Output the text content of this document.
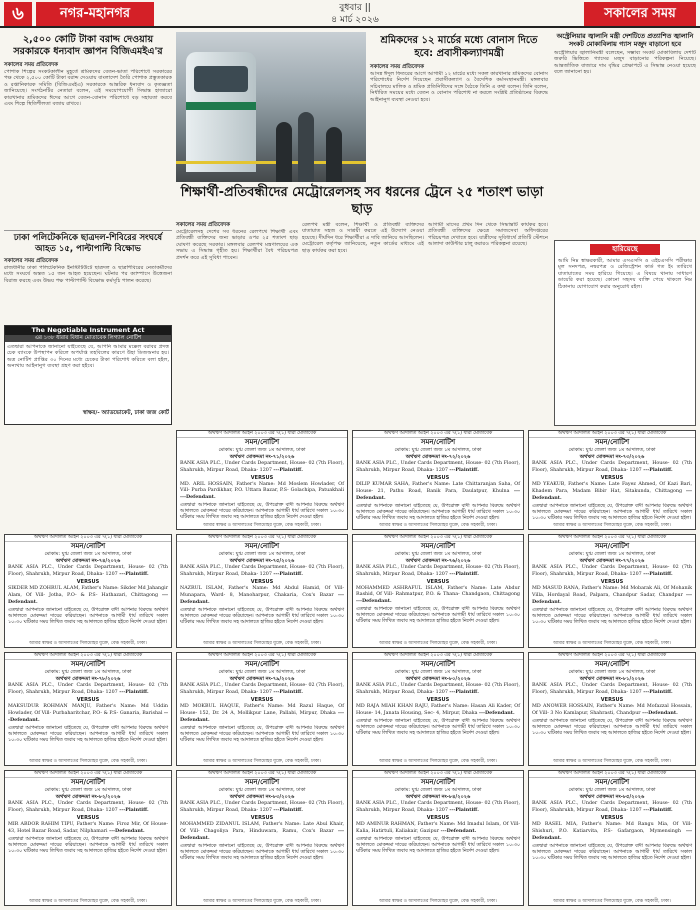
৬	নগর-মহানগর	বুধবার ||
৪ মার্চ ২০২৬	সকালের সময়
২,৫০০ কোটি টাকা বরাদ্দ দেওয়ায় সরকারকে ধন্যবাদ জ্ঞাপন বিজিএমইএ'র
সকালের সময় প্রতিবেদক
পোশাক শিল্পের সংকটকালীন মুহূর্তে শ্রমিকদের বেতন-ভাতা পরিশোধে সরকারের পক্ষ থেকে ২,৫০০ কোটি টাকা বরাদ্দ দেওয়ায় বাংলাদেশ তৈরি পোশাক প্রস্তুতকারক ও রপ্তানিকারক সমিতি (বিজিএমইএ) সরকারকে আন্তরিক ধন্যবাদ ও কৃতজ্ঞতা জানিয়েছে। সংগঠনটির নেতারা বলেন, এই সময়োপযোগী সিদ্ধান্ত হাজারো কারখানার শ্রমিকদের ঈদের আগে বেতন-বোনাস পরিশোধে বড় সহায়তা করবে এবং শিল্পে স্থিতিশীলতা বজায় রাখবে।
ঢাকা পলিটেকনিকে ছাত্রদল-শিবিরের সংঘর্ষে আহত ১৫, পাল্টাপাল্টি বিক্ষোভ
সকালের সময় প্রতিবেদক
রাজধানীর ঢাকা পলিটেকনিক ইনস্টিটিউটে ছাত্রদল ও ছাত্রশিবিরের নেতাকর্মীদের মধ্যে সংঘর্ষে অন্তত ১৫ জন আহত হয়েছেন। ঘটনার পর ক্যাম্পাসে উত্তেজনা বিরাজ করছে এবং উভয় পক্ষ পাল্টাপাল্টি বিক্ষোভ কর্মসূচি পালন করেছে।
The Negotiable Instrument Act
এর ১৩৮ ধারার বিধান মোতাবেক লিগ্যাল নোটিশ
এতদ্বারা আপনাকে জানানো যাইতেছে যে, আপনি আমার মক্কেল বরাবর প্রদত্ত চেক ব্যাংকে উপস্থাপন করিলে অপর্যাপ্ত তহবিলের কারণে উহা ডিজঅনার হয়। অত্র নোটিশ প্রাপ্তির ৩০ দিনের মধ্যে চেকের টাকা পরিশোধ করিতে বলা হইল, অন্যথায় আইনানুগ ব্যবস্থা গ্রহণ করা হইবে।
স্বাক্ষর/- অ্যাডভোকেট, ঢাকা জজ কোর্ট
শ্রমিকদের ১২ মার্চের মধ্যে বোনাস দিতে হবে: প্রবাসীকল্যাণমন্ত্রী
সকালের সময় প্রতিবেদক
আসন্ন ঈদুল ফিতরের আগে আগামী ১২ মার্চের মধ্যে সকল কারখানার শ্রমিকদের বোনাস পরিশোধের নির্দেশ দিয়েছেন প্রবাসীকল্যাণ ও বৈদেশিক কর্মসংস্থানমন্ত্রী। মঙ্গলবার সচিবালয়ে মালিক ও শ্রমিক প্রতিনিধিদের সঙ্গে বৈঠকে তিনি এ কথা বলেন। তিনি বলেন, নির্ধারিত সময়ের মধ্যে বেতন ও বোনাস পরিশোধ না করলে সংশ্লিষ্ট প্রতিষ্ঠানের বিরুদ্ধে আইনানুগ ব্যবস্থা নেওয়া হবে।
শিক্ষার্থী-প্রতিবন্ধীদের মেট্রোরেলসহ সব ধরনের ট্রেনে ২৫ শতাংশ ভাড়া ছাড়
সকালের সময় প্রতিবেদক
মেট্রোরেলসহ দেশের সব ধরনের রেলপথে শিক্ষার্থী এবং প্রতিবন্ধী ব্যক্তিদের জন্য ভাড়ার ওপর ২৫ শতাংশ ছাড় ঘোষণা করেছে সরকার। মঙ্গলবার রেলপথ মন্ত্রণালয়ের এক সভায় এ সিদ্ধান্ত গৃহীত হয়। শিক্ষার্থীরা বৈধ পরিচয়পত্র প্রদর্শন করে এই সুবিধা পাবেন।
রেলপথ মন্ত্রী বলেন, শিক্ষার্থী ও প্রতিবন্ধী ব্যক্তিদের যাতায়াত সহজ ও সাশ্রয়ী করতে এই উদ্যোগ নেওয়া হয়েছে। দীর্ঘদিন ধরে শিক্ষার্থীরা এ দাবি জানিয়ে আসছিলেন। মেট্রোরেল কর্তৃপক্ষ জানিয়েছে, নতুন কার্ডের মাধ্যমে এই ছাড় কার্যকর করা হবে।
আগামী মাসের প্রথম দিন থেকে সিদ্ধান্তটি কার্যকর হবে। প্রতিবন্ধী ব্যক্তিদের ক্ষেত্রে সমাজসেবা অধিদপ্তরের পরিচয়পত্র দেখাতে হবে। যাত্রীদের সুবিধার্থে প্রতিটি স্টেশনে আলাদা কাউন্টার চালু করারও পরিকল্পনা রয়েছে।
অস্ট্রেলিয়ার জ্বালানি মন্ত্রী দেশটিতে প্রত্যাশিত জ্বালানি সংকট মোকাবিলায় গ্যাস মজুদ বাড়ানো হবে
অস্ট্রেলিয়ার জ্বালানিমন্ত্রী বলেছেন, সম্ভাব্য সংকট মোকাবিলায় দেশটি জরুরি ভিত্তিতে গ্যাসের মজুদ বাড়ানোর পরিকল্পনা নিয়েছে। আন্তর্জাতিক বাজারে দাম বৃদ্ধির প্রেক্ষাপটে এ সিদ্ধান্ত নেওয়া হয়েছে বলে জানানো হয়।
হারিয়েছে
আমি নিম্ন স্বাক্ষরকারী, আমার এসএসসি ও এইচএসসি পরীক্ষার মূল সনদপত্র, নম্বরপত্র ও রেজিস্ট্রেশন কার্ড গত ইং তারিখে যাতায়াতের সময় হারিয়ে গিয়েছে। এ বিষয়ে থানায় সাধারণ ডায়েরি করা হয়েছে। কোনো সহৃদয় ব্যক্তি পেয়ে থাকলে নিম্ন ঠিকানায় যোগাযোগ করার অনুরোধ রইল।
অর্থঋণ আদালত আইন ২০০৩ এর ৭(১) ধারা মোতাবেক
সমন/নোটিশ
মোকাম: যুগ্ম জেলা জজ ১ম আদালত, ঢাকা
অর্থঋণ মোকদ্দমা নং-৭১/২০২৬
BANK ASIA PLC., Under Cards Department, House- 02 (7th Floor), Shahrukh, Mirpur Road, Dhaka- 1207 ---Plaintiff.
VERSUS
MD. ARIL HOSSAIN, Father's Name: Md Moslem Howlader, Of Vill- Purba Pardikhar, P.O. Uttara Bazar, P.S- Golachipa, Patuakhali ---Defendant.
এতদ্বারা আপনাকে জানানো যাইতেছে যে, উপরোক্ত বাদী আপনার বিরুদ্ধে অর্থঋণ আদালতে মোকদ্দমা দায়ের করিয়াছেন। আপনাকে আগামী ধার্য তারিখে সকাল ১০:৩০ ঘটিকার সময় লিখিত জবাব সহ আদালতে হাজির হইতে নির্দেশ দেওয়া হইল।
আমার স্বাক্ষর ও আদালতের সিলমোহর যুক্তে, বেঞ্চ সহকারী, ঢাকা।
অর্থঋণ আদালত আইন ২০০৩ এর ৭(১) ধারা মোতাবেক
সমন/নোটিশ
মোকাম: যুগ্ম জেলা জজ ১ম আদালত, ঢাকা
অর্থঋণ মোকদ্দমা নং-৭২/২০২৬
BANK ASIA PLC., Under Cards Department, House- 02 (7th Floor), Shahrukh, Mirpur Road, Dhaka- 1207 ---Plaintiff.
VERSUS
DILIP KUMAR SAHA, Father's Name: Late Chittaranjan Saha, Of House- 21, Pathu Road, Banik Para, Daulatpur, Khulna ---Defendant.
এতদ্বারা আপনাকে জানানো যাইতেছে যে, উপরোক্ত বাদী আপনার বিরুদ্ধে অর্থঋণ আদালতে মোকদ্দমা দায়ের করিয়াছেন। আপনাকে আগামী ধার্য তারিখে সকাল ১০:৩০ ঘটিকার সময় লিখিত জবাব সহ আদালতে হাজির হইতে নির্দেশ দেওয়া হইল।
আমার স্বাক্ষর ও আদালতের সিলমোহর যুক্তে, বেঞ্চ সহকারী, ঢাকা।
অর্থঋণ আদালত আইন ২০০৩ এর ৭(১) ধারা মোতাবেক
সমন/নোটিশ
মোকাম: যুগ্ম জেলা জজ ১ম আদালত, ঢাকা
অর্থঋণ মোকদ্দমা নং-৭৩/২০২৬
BANK ASIA PLC., Under Cards Department, House- 02 (7th Floor), Shahrukh, Mirpur Road, Dhaka- 1207 ---Plaintiff.
VERSUS
MD YEAKUB, Father's Name: Late Fayez Ahmed, Of Kazi Bari, Khadem Para, Madam Bibir Hat, Sitakunda, Chittagong ---Defendant.
এতদ্বারা আপনাকে জানানো যাইতেছে যে, উপরোক্ত বাদী আপনার বিরুদ্ধে অর্থঋণ আদালতে মোকদ্দমা দায়ের করিয়াছেন। আপনাকে আগামী ধার্য তারিখে সকাল ১০:৩০ ঘটিকার সময় লিখিত জবাব সহ আদালতে হাজির হইতে নির্দেশ দেওয়া হইল।
আমার স্বাক্ষর ও আদালতের সিলমোহর যুক্তে, বেঞ্চ সহকারী, ঢাকা।
অর্থঋণ আদালত আইন ২০০৩ এর ৭(১) ধারা মোতাবেক
সমন/নোটিশ
মোকাম: যুগ্ম জেলা জজ ১ম আদালত, ঢাকা
অর্থঋণ মোকদ্দমা নং-৭৪/২০২৬
BANK ASIA PLC., Under Cards Department, House- 02 (7th Floor), Shahrukh, Mirpur Road, Dhaka- 1207 ---Plaintiff.
VERSUS
SIKDER MD ZOHRUL ALAM, Father's Name: Sikder Md Jahangir Alam, Of Vill- Jotha, P.O- & P.S- Hathazari, Chittagong ---Defendant.
এতদ্বারা আপনাকে জানানো যাইতেছে যে, উপরোক্ত বাদী আপনার বিরুদ্ধে অর্থঋণ আদালতে মোকদ্দমা দায়ের করিয়াছেন। আপনাকে আগামী ধার্য তারিখে সকাল ১০:৩০ ঘটিকার সময় লিখিত জবাব সহ আদালতে হাজির হইতে নির্দেশ দেওয়া হইল।
আমার স্বাক্ষর ও আদালতের সিলমোহর যুক্তে, বেঞ্চ সহকারী, ঢাকা।
অর্থঋণ আদালত আইন ২০০৩ এর ৭(১) ধারা মোতাবেক
সমন/নোটিশ
মোকাম: যুগ্ম জেলা জজ ১ম আদালত, ঢাকা
অর্থঋণ মোকদ্দমা নং-৭৫/২০২৬
BANK ASIA PLC., Under Cards Department, House- 02 (7th Floor), Shahrukh, Mirpur Road, Dhaka- 1207 ---Plaintiff.
VERSUS
NAZRUL ISLAM, Father's Name: Md Abdul Hamid, Of Vill- Munapara, Ward- 8, Manoharpur, Chakaria, Cox's Bazar ---Defendant.
এতদ্বারা আপনাকে জানানো যাইতেছে যে, উপরোক্ত বাদী আপনার বিরুদ্ধে অর্থঋণ আদালতে মোকদ্দমা দায়ের করিয়াছেন। আপনাকে আগামী ধার্য তারিখে সকাল ১০:৩০ ঘটিকার সময় লিখিত জবাব সহ আদালতে হাজির হইতে নির্দেশ দেওয়া হইল।
আমার স্বাক্ষর ও আদালতের সিলমোহর যুক্তে, বেঞ্চ সহকারী, ঢাকা।
অর্থঋণ আদালত আইন ২০০৩ এর ৭(১) ধারা মোতাবেক
সমন/নোটিশ
মোকাম: যুগ্ম জেলা জজ ১ম আদালত, ঢাকা
অর্থঋণ মোকদ্দমা নং-৭৬/২০২৬
BANK ASIA PLC., Under Cards Department, House- 02 (7th Floor), Shahrukh, Mirpur Road, Dhaka- 1207 ---Plaintiff.
VERSUS
MOHAMMED ASHRAFUL ISLAM, Father's Name: Late Abdur Rashid, Of Vill- Rahmatpur, P.O. & Thana- Chandgaon, Chittagong ---Defendant.
এতদ্বারা আপনাকে জানানো যাইতেছে যে, উপরোক্ত বাদী আপনার বিরুদ্ধে অর্থঋণ আদালতে মোকদ্দমা দায়ের করিয়াছেন। আপনাকে আগামী ধার্য তারিখে সকাল ১০:৩০ ঘটিকার সময় লিখিত জবাব সহ আদালতে হাজির হইতে নির্দেশ দেওয়া হইল।
আমার স্বাক্ষর ও আদালতের সিলমোহর যুক্তে, বেঞ্চ সহকারী, ঢাকা।
অর্থঋণ আদালত আইন ২০০৩ এর ৭(১) ধারা মোতাবেক
সমন/নোটিশ
মোকাম: যুগ্ম জেলা জজ ১ম আদালত, ঢাকা
অর্থঋণ মোকদ্দমা নং-৭৭/২০২৬
BANK ASIA PLC., Under Cards Department, House- 02 (7th Floor), Shahrukh, Mirpur Road, Dhaka- 1207 ---Plaintiff.
VERSUS
MD MASUD RANA, Father's Name: Md Mobarak Ali, Of Mohanik Villa, Hordayal Road, Palpara, Chandpur Sadar, Chandpur ---Defendant.
এতদ্বারা আপনাকে জানানো যাইতেছে যে, উপরোক্ত বাদী আপনার বিরুদ্ধে অর্থঋণ আদালতে মোকদ্দমা দায়ের করিয়াছেন। আপনাকে আগামী ধার্য তারিখে সকাল ১০:৩০ ঘটিকার সময় লিখিত জবাব সহ আদালতে হাজির হইতে নির্দেশ দেওয়া হইল।
আমার স্বাক্ষর ও আদালতের সিলমোহর যুক্তে, বেঞ্চ সহকারী, ঢাকা।
অর্থঋণ আদালত আইন ২০০৩ এর ৭(১) ধারা মোতাবেক
সমন/নোটিশ
মোকাম: যুগ্ম জেলা জজ ১ম আদালত, ঢাকা
অর্থঋণ মোকদ্দমা নং-৭৮/২০২৬
BANK ASIA PLC., Under Cards Department, House- 02 (7th Floor), Shahrukh, Mirpur Road, Dhaka- 1207 ---Plaintiff.
VERSUS
MAKSUDUR ROHMAN MANJU, Father's Name: Md Uddin Howlader, Of Vill- Purbaharitchar, P.O- & P.S- Ganaria, Barishal ---Defendant.
এতদ্বারা আপনাকে জানানো যাইতেছে যে, উপরোক্ত বাদী আপনার বিরুদ্ধে অর্থঋণ আদালতে মোকদ্দমা দায়ের করিয়াছেন। আপনাকে আগামী ধার্য তারিখে সকাল ১০:৩০ ঘটিকার সময় লিখিত জবাব সহ আদালতে হাজির হইতে নির্দেশ দেওয়া হইল।
আমার স্বাক্ষর ও আদালতের সিলমোহর যুক্তে, বেঞ্চ সহকারী, ঢাকা।
অর্থঋণ আদালত আইন ২০০৩ এর ৭(১) ধারা মোতাবেক
সমন/নোটিশ
মোকাম: যুগ্ম জেলা জজ ১ম আদালত, ঢাকা
অর্থঋণ মোকদ্দমা নং-৭৯/২০২৬
BANK ASIA PLC., Under Cards Department, House- 02 (7th Floor), Shahrukh, Mirpur Road, Dhaka- 1207 ---Plaintiff.
VERSUS
MD MOKBUL HAQUE, Father's Name: Md Razul Haque, Of House- 152, Dr. 24 A, Mollikpur Lane, Pallabi, Mirpur, Dhaka ---Defendant.
এতদ্বারা আপনাকে জানানো যাইতেছে যে, উপরোক্ত বাদী আপনার বিরুদ্ধে অর্থঋণ আদালতে মোকদ্দমা দায়ের করিয়াছেন। আপনাকে আগামী ধার্য তারিখে সকাল ১০:৩০ ঘটিকার সময় লিখিত জবাব সহ আদালতে হাজির হইতে নির্দেশ দেওয়া হইল।
আমার স্বাক্ষর ও আদালতের সিলমোহর যুক্তে, বেঞ্চ সহকারী, ঢাকা।
অর্থঋণ আদালত আইন ২০০৩ এর ৭(১) ধারা মোতাবেক
সমন/নোটিশ
মোকাম: যুগ্ম জেলা জজ ১ম আদালত, ঢাকা
অর্থঋণ মোকদ্দমা নং-৮০/২০২৬
BANK ASIA PLC., Under Cards Department, House- 02 (7th Floor), Shahrukh, Mirpur Road, Dhaka- 1207 ---Plaintiff.
VERSUS
MD RAJA MIAH KHAN RAJU, Father's Name: Hasan Ali Kader, Of House- 14, Janata Housing, Sec- 4, Mirpur, Dhaka ---Defendant.
এতদ্বারা আপনাকে জানানো যাইতেছে যে, উপরোক্ত বাদী আপনার বিরুদ্ধে অর্থঋণ আদালতে মোকদ্দমা দায়ের করিয়াছেন। আপনাকে আগামী ধার্য তারিখে সকাল ১০:৩০ ঘটিকার সময় লিখিত জবাব সহ আদালতে হাজির হইতে নির্দেশ দেওয়া হইল।
আমার স্বাক্ষর ও আদালতের সিলমোহর যুক্তে, বেঞ্চ সহকারী, ঢাকা।
অর্থঋণ আদালত আইন ২০০৩ এর ৭(১) ধারা মোতাবেক
সমন/নোটিশ
মোকাম: যুগ্ম জেলা জজ ১ম আদালত, ঢাকা
অর্থঋণ মোকদ্দমা নং-৮১/২০২৬
BANK ASIA PLC., Under Cards Department, House- 02 (7th Floor), Shahrukh, Mirpur Road, Dhaka- 1207 ---Plaintiff.
VERSUS
MD ANOWER HOSSAIN, Father's Name: Md Mofazzal Hossain, Of Vill- 3 No Kamlapur, Shahrasti, Chandpur ---Defendant.
এতদ্বারা আপনাকে জানানো যাইতেছে যে, উপরোক্ত বাদী আপনার বিরুদ্ধে অর্থঋণ আদালতে মোকদ্দমা দায়ের করিয়াছেন। আপনাকে আগামী ধার্য তারিখে সকাল ১০:৩০ ঘটিকার সময় লিখিত জবাব সহ আদালতে হাজির হইতে নির্দেশ দেওয়া হইল।
আমার স্বাক্ষর ও আদালতের সিলমোহর যুক্তে, বেঞ্চ সহকারী, ঢাকা।
অর্থঋণ আদালত আইন ২০০৩ এর ৭(১) ধারা মোতাবেক
সমন/নোটিশ
মোকাম: যুগ্ম জেলা জজ ১ম আদালত, ঢাকা
অর্থঋণ মোকদ্দমা নং-৮২/২০২৬
BANK ASIA PLC., Under Cards Department, House- 02 (7th Floor), Shahrukh, Mirpur Road, Dhaka- 1207 ---Plaintiff.
VERSUS
MIR ABDOR RAHIM TIPU, Father's Name: Firoz Mir, Of House- 43, Hotel Bazar Road, Sadar, Nilphamari ---Defendant.
এতদ্বারা আপনাকে জানানো যাইতেছে যে, উপরোক্ত বাদী আপনার বিরুদ্ধে অর্থঋণ আদালতে মোকদ্দমা দায়ের করিয়াছেন। আপনাকে আগামী ধার্য তারিখে সকাল ১০:৩০ ঘটিকার সময় লিখিত জবাব সহ আদালতে হাজির হইতে নির্দেশ দেওয়া হইল।
আমার স্বাক্ষর ও আদালতের সিলমোহর যুক্তে, বেঞ্চ সহকারী, ঢাকা।
অর্থঋণ আদালত আইন ২০০৩ এর ৭(১) ধারা মোতাবেক
সমন/নোটিশ
মোকাম: যুগ্ম জেলা জজ ১ম আদালত, ঢাকা
অর্থঋণ মোকদ্দমা নং-৮৩/২০২৬
BANK ASIA PLC., Under Cards Department, House- 02 (7th Floor), Shahrukh, Mirpur Road, Dhaka- 1207 ---Plaintiff.
VERSUS
MOHAMMED ZIDANUL ISLAM, Father's Name: Late Abul Khair, Of Vill- Chagoliya Para, Hinduwara, Ramu, Cox's Bazar ---Defendant.
এতদ্বারা আপনাকে জানানো যাইতেছে যে, উপরোক্ত বাদী আপনার বিরুদ্ধে অর্থঋণ আদালতে মোকদ্দমা দায়ের করিয়াছেন। আপনাকে আগামী ধার্য তারিখে সকাল ১০:৩০ ঘটিকার সময় লিখিত জবাব সহ আদালতে হাজির হইতে নির্দেশ দেওয়া হইল।
আমার স্বাক্ষর ও আদালতের সিলমোহর যুক্তে, বেঞ্চ সহকারী, ঢাকা।
অর্থঋণ আদালত আইন ২০০৩ এর ৭(১) ধারা মোতাবেক
সমন/নোটিশ
মোকাম: যুগ্ম জেলা জজ ১ম আদালত, ঢাকা
অর্থঋণ মোকদ্দমা নং-৮৪/২০২৬
BANK ASIA PLC., Under Cards Department, House- 02 (7th Floor), Shahrukh, Mirpur Road, Dhaka- 1207 ---Plaintiff.
VERSUS
MD AMINUR RAHMAN, Father's Name: Md Imadul Islam, Of Vill- Kalia, Hatirtuli, Kaliakair, Gazipur ---Defendant.
এতদ্বারা আপনাকে জানানো যাইতেছে যে, উপরোক্ত বাদী আপনার বিরুদ্ধে অর্থঋণ আদালতে মোকদ্দমা দায়ের করিয়াছেন। আপনাকে আগামী ধার্য তারিখে সকাল ১০:৩০ ঘটিকার সময় লিখিত জবাব সহ আদালতে হাজির হইতে নির্দেশ দেওয়া হইল।
আমার স্বাক্ষর ও আদালতের সিলমোহর যুক্তে, বেঞ্চ সহকারী, ঢাকা।
অর্থঋণ আদালত আইন ২০০৩ এর ৭(১) ধারা মোতাবেক
সমন/নোটিশ
মোকাম: যুগ্ম জেলা জজ ১ম আদালত, ঢাকা
অর্থঋণ মোকদ্দমা নং-৮৫/২০২৬
BANK ASIA PLC., Under Cards Department, House- 02 (7th Floor), Shahrukh, Mirpur Road, Dhaka- 1207 ---Plaintiff.
VERSUS
MD RASEL MIA, Father's Name: Md Rangu Mia, Of Vill- Shishuri, P.O. Katiarvita, P.S- Gafargaon, Mymensingh ---Defendant.
এতদ্বারা আপনাকে জানানো যাইতেছে যে, উপরোক্ত বাদী আপনার বিরুদ্ধে অর্থঋণ আদালতে মোকদ্দমা দায়ের করিয়াছেন। আপনাকে আগামী ধার্য তারিখে সকাল ১০:৩০ ঘটিকার সময় লিখিত জবাব সহ আদালতে হাজির হইতে নির্দেশ দেওয়া হইল।
আমার স্বাক্ষর ও আদালতের সিলমোহর যুক্তে, বেঞ্চ সহকারী, ঢাকা।
